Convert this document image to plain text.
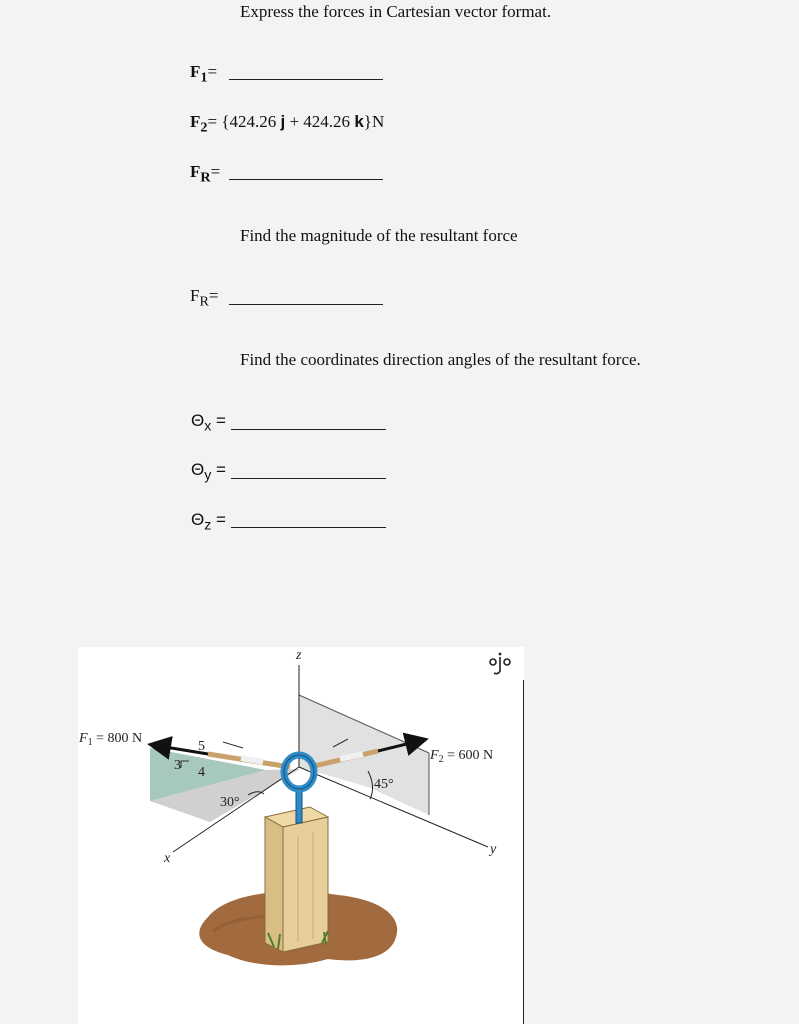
Express the forces in Cartesian vector format.
$F_1=$
$F_2= \{424.26$ j + 424.26 k}N
$F_R=$
Find the magnitude of the resultant force
$F_R=$
Find the coordinates direction angles of the resultant force.
$\Theta_x$ =
$\Theta_y$ =
$\Theta_z$ =
z
x
y
$F_1 = 800$ N
$F_2 = 600$ N
5
3 4
30°
45°
